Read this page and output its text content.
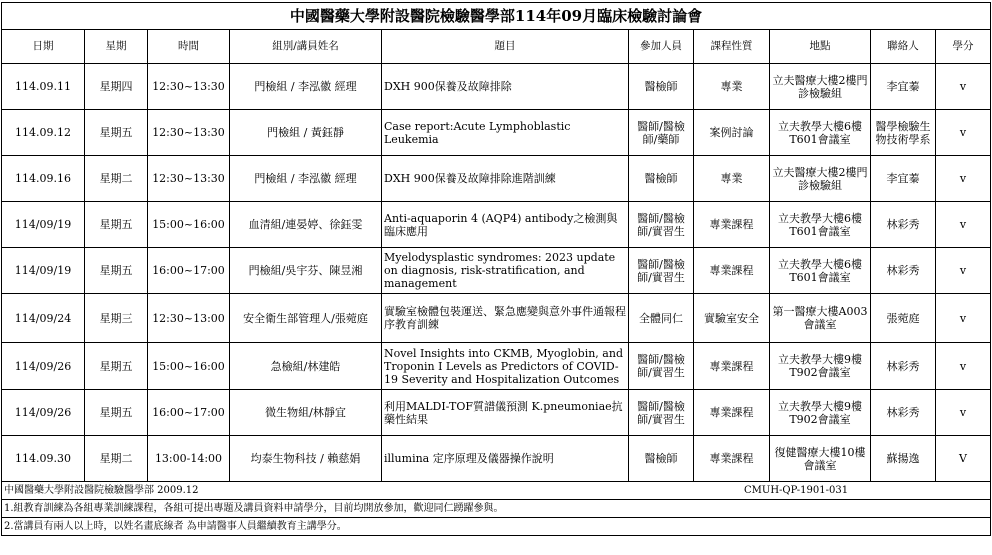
中國醫藥大學附設醫院檢驗醫學部114年09月臨床檢驗討論會									
日期	星期	時間	組別/講員姓名	題目	參加人員	課程性質	地點	聯絡人	學分
114.09.11	星期四	12:30~13:30	門檢組 / 李泓徽 經理	DXH 900保養及故障排除	醫檢師	專業	立夫醫療大樓2樓門診檢驗組	李宜蓁	v
114.09.12	星期五	12:30~13:30	門檢組 / 黃鈺靜	Case report:Acute Lymphoblastic Leukemia	醫師/醫檢師/藥師	案例討論	立夫教學大樓6樓T601會議室	醫學檢驗生物技術學系	v
114.09.16	星期二	12:30~13:30	門檢組 / 李泓徽 經理	DXH 900保養及故障排除進階訓練	醫檢師	專業	立夫醫療大樓2樓門診檢驗組	李宜蓁	v
114/09/19	星期五	15:00~16:00	血清組/連晏婷、徐鈺雯	Anti-aquaporin 4 (AQP4) antibody之檢測與臨床應用	醫師/醫檢師/實習生	專業課程	立夫教學大樓6樓T601會議室	林彩秀	v
114/09/19	星期五	16:00~17:00	門檢組/吳宇芬、陳昱湘	Myelodysplastic syndromes: 2023 update on diagnosis, risk-stratification, and management	醫師/醫檢師/實習生	專業課程	立夫教學大樓6樓T601會議室	林彩秀	v
114/09/24	星期三	12:30~13:00	安全衛生部管理人/張菀庭	實驗室檢體包裝運送、緊急應變與意外事件通報程序教育訓練	全體同仁	實驗室安全	第一醫療大樓A003會議室	張菀庭	v
114/09/26	星期五	15:00~16:00	急檢組/林建皓	Novel Insights into CKMB, Myoglobin, and Troponin I Levels as Predictors of COVID-19 Severity and Hospitalization Outcomes	醫師/醫檢師/實習生	專業課程	立夫教學大樓9樓T902會議室	林彩秀	v
114/09/26	星期五	16:00~17:00	微生物組/林靜宜	利用MALDI-TOF質譜儀預測 K.pneumoniae抗藥性結果	醫師/醫檢師/實習生	專業課程	立夫教學大樓9樓T902會議室	林彩秀	v
114.09.30	星期二	13:00-14:00	均泰生物科技 / 賴慈娟	illumina 定序原理及儀器操作說明	醫檢師	專業課程	復健醫療大樓10樓會議室	蘇揚逸	V
中國醫藥大學附設醫院檢驗醫學部 2009.12 CMUH-QP-1901-031									

1.組教育訓練為各組專業訓練課程，各組可提出專題及講員資料申請學分，目前均開放參加，歡迎同仁踴躍參與。									
2.當講員有兩人以上時，以姓名畫底線者 為申請醫事人員繼續教育主講學分。									
